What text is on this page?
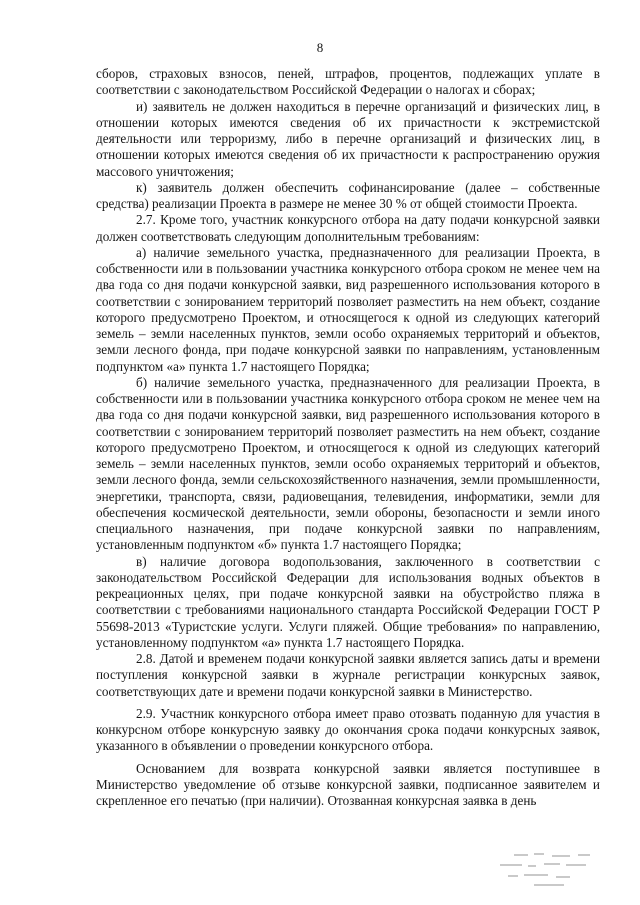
8

сборов, страховых взносов, пеней, штрафов, процентов, подлежащих уплате в соответствии с законодательством Российской Федерации о налогах и сборах;

и) заявитель не должен находиться в перечне организаций и физических лиц, в отношении которых имеются сведения об их причастности к экстремистской деятельности или терроризму, либо в перечне организаций и физических лиц, в отношении которых имеются сведения об их причастности к распространению оружия массового уничтожения;

к) заявитель должен обеспечить софинансирование (далее – собственные средства) реализации Проекта в размере не менее 30 % от общей стоимости Проекта.

2.7. Кроме того, участник конкурсного отбора на дату подачи конкурсной заявки должен соответствовать следующим дополнительным требованиям:

а) наличие земельного участка, предназначенного для реализации Проекта, в собственности или в пользовании участника конкурсного отбора сроком не менее чем на два года со дня подачи конкурсной заявки, вид разрешенного использования которого в соответствии с зонированием территорий позволяет разместить на нем объект, создание которого предусмотрено Проектом, и относящегося к одной из следующих категорий земель – земли населенных пунктов, земли особо охраняемых территорий и объектов, земли лесного фонда, при подаче конкурсной заявки по направлениям, установленным подпунктом «а» пункта 1.7 настоящего Порядка;

б) наличие земельного участка, предназначенного для реализации Проекта, в собственности или в пользовании участника конкурсного отбора сроком не менее чем на два года со дня подачи конкурсной заявки, вид разрешенного использования которого в соответствии с зонированием территорий позволяет разместить на нем объект, создание которого предусмотрено Проектом, и относящегося к одной из следующих категорий земель – земли населенных пунктов, земли особо охраняемых территорий и объектов, земли лесного фонда, земли сельскохозяйственного назначения, земли промышленности, энергетики, транспорта, связи, радиовещания, телевидения, информатики, земли для обеспечения космической деятельности, земли обороны, безопасности и земли иного специального назначения, при подаче конкурсной заявки по направлениям, установленным подпунктом «б» пункта 1.7 настоящего Порядка;

в) наличие договора водопользования, заключенного в соответствии с законодательством Российской Федерации для использования водных объектов в рекреационных целях, при подаче конкурсной заявки на обустройство пляжа в соответствии с требованиями национального стандарта Российской Федерации ГОСТ Р 55698-2013 «Туристские услуги. Услуги пляжей. Общие требования» по направлению, установленному подпунктом «а» пункта 1.7 настоящего Порядка.

2.8. Датой и временем подачи конкурсной заявки является запись даты и времени поступления конкурсной заявки в журнале регистрации конкурсных заявок, соответствующих дате и времени подачи конкурсной заявки в Министерство.

2.9. Участник конкурсного отбора имеет право отозвать поданную для участия в конкурсном отборе конкурсную заявку до окончания срока подачи конкурсных заявок, указанного в объявлении о проведении конкурсного отбора.

Основанием для возврата конкурсной заявки является поступившее в Министерство уведомление об отзыве конкурсной заявки, подписанное заявителем и скрепленное его печатью (при наличии). Отозванная конкурсная заявка в день
